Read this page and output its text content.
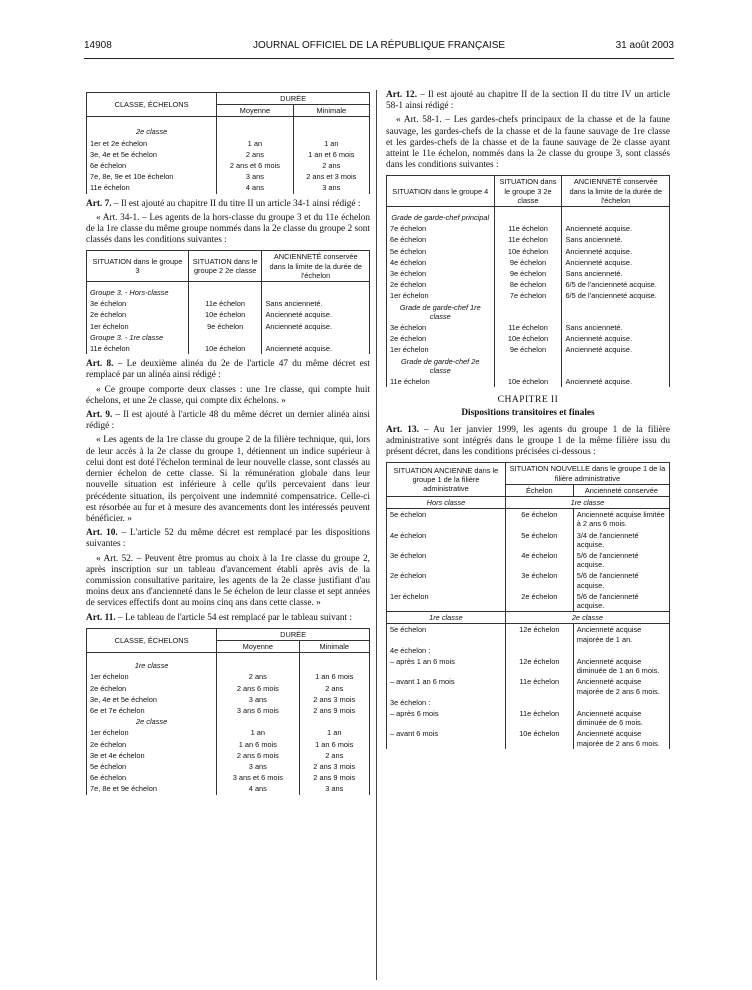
14908	JOURNAL OFFICIEL DE LA RÉPUBLIQUE FRANÇAISE	31 août 2003
CLASSE, ÉCHELONS	DURÉE	
	Moyenne	Minimale
2e classe		
1er et 2e échelon	1 an	1 an
3e, 4e et 5e échelon	2 ans	1 an et 6 mois
6e échelon	2 ans et 6 mois	2 ans
7e, 8e, 9e et 10e échelon	3 ans	2 ans et 3 mois
11e échelon	4 ans	3 ans

Art. 7. – Il est ajouté au chapitre II du titre II un article 34-1 ainsi rédigé :

« Art. 34-1. – Les agents de la hors-classe du groupe 3 et du 11e échelon de la 1re classe du même groupe nommés dans la 2e classe du groupe 2 sont classés dans les conditions suivantes :

SITUATION dans le groupe 3	SITUATION dans le groupe 2 2e classe	ANCIENNETÉ conservée dans la limite de la durée de l'échelon
Groupe 3. - Hors-classe		
3e échelon	11e échelon	Sans ancienneté.
2e échelon	10e échelon	Ancienneté acquise.
1er échelon	9e échelon	Ancienneté acquise.
Groupe 3. - 1re classe		
11e échelon	10e échelon	Ancienneté acquise.

Art. 8. – Le deuxième alinéa du 2e de l'article 47 du même décret est remplacé par un alinéa ainsi rédigé :

« Ce groupe comporte deux classes : une 1re classe, qui compte huit échelons, et une 2e classe, qui compte dix échelons. »

Art. 9. – Il est ajouté à l'article 48 du même décret un dernier alinéa ainsi rédigé :

« Les agents de la 1re classe du groupe 2 de la filière technique, qui, lors de leur accès à la 2e classe du groupe 1, détiennent un indice supérieur à celui dont est doté l'échelon terminal de leur nouvelle classe, sont classés au dernier échelon de cette classe. Si la rémunération globale dans leur nouvelle situation est inférieure à celle qu'ils percevaient dans leur précédente situation, ils perçoivent une indemnité compensatrice. Celle-ci est résorbée au fur et à mesure des avancements dont les intéressés peuvent bénéficier. »

Art. 10. – L'article 52 du même décret est remplacé par les dispositions suivantes :

« Art. 52. – Peuvent être promus au choix à la 1re classe du groupe 2, après inscription sur un tableau d'avancement établi après avis de la commission consultative paritaire, les agents de la 2e classe justifiant d'au moins deux ans d'ancienneté dans le 5e échelon de leur classe et sept années de services effectifs dont au moins cinq ans dans cette classe. »

Art. 11. – Le tableau de l'article 54 est remplacé par le tableau suivant :

CLASSE, ÉCHELONS	DURÉE	
	Moyenne	Minimale
1re classe		
1er échelon	2 ans	1 an 6 mois
2e échelon	2 ans 6 mois	2 ans
3e, 4e et 5e échelon	3 ans	2 ans 3 mois
6e et 7e échelon	3 ans 6 mois	2 ans 9 mois
2e classe		
1er échelon	1 an	1 an
2e échelon	1 an 6 mois	1 an 6 mois
3e et 4e échelon	2 ans 6 mois	2 ans
5e échelon	3 ans	2 ans 3 mois
6e échelon	3 ans et 6 mois	2 ans 9 mois
7e, 8e et 9e échelon	4 ans	3 ans

Art. 12. – Il est ajouté au chapitre II de la section II du titre IV un article 58-1 ainsi rédigé :

« Art. 58-1. – Les gardes-chefs principaux de la chasse et de la faune sauvage, les gardes-chefs de la chasse et de la faune sauvage de 1re classe et les gardes-chefs de la chasse et de la faune sauvage de 2e classe ayant atteint le 11e échelon, nommés dans la 2e classe du groupe 3, sont classés dans les conditions suivantes :

SITUATION dans le groupe 4	SITUATION dans le groupe 3 2e classe	ANCIENNETÉ conservée dans la limite de la durée de l'échelon
Grade de garde-chef principal		
7e échelon	11e échelon	Ancienneté acquise.
6e échelon	11e échelon	Sans ancienneté.
5e échelon	10e échelon	Ancienneté acquise.
4e échelon	9e échelon	Ancienneté acquise.
3e échelon	9e échelon	Sans ancienneté.
2e échelon	8e échelon	6/5 de l'ancienneté acquise.
1er échelon	7e échelon	6/5 de l'ancienneté acquise.
Grade de garde-chef 1re classe		
3e échelon	11e échelon	Sans ancienneté.
2e échelon	10e échelon	Ancienneté acquise.
1er échelon	9e échelon	Ancienneté acquise.
Grade de garde-chef 2e classe		
11e échelon	10e échelon	Ancienneté acquise.
CHAPITRE II
Dispositions transitoires et finales

Art. 13. – Au 1er janvier 1999, les agents du groupe 1 de la filière administrative sont intégrés dans le groupe 1 de la même filière issu du présent décret, dans les conditions précisées ci-dessous :

SITUATION ANCIENNE dans le groupe 1 de la filière administrative	SITUATION NOUVELLE dans le groupe 1 de la filière administrative	
	Échelon	Ancienneté conservée
Hors classe	1re classe	
5e échelon	6e échelon	Ancienneté acquise limitée à 2 ans 6 mois.
4e échelon	5e échelon	3/4 de l'ancienneté acquise.
3e échelon	4e échelon	5/6 de l'ancienneté acquise.
2e échelon	3e échelon	5/6 de l'ancienneté acquise.
1er échelon	2e échelon	5/6 de l'ancienneté acquise.
1re classe	2e classe	
5e échelon	12e échelon	Ancienneté acquise majorée de 1 an.
4e échelon :		
– après 1 an 6 mois	12e échelon	Ancienneté acquise diminuée de 1 an 6 mois.
– avant 1 an 6 mois	11e échelon	Ancienneté acquise majorée de 2 ans 6 mois.
3e échelon :		
– après 6 mois	11e échelon	Ancienneté acquise diminuée de 6 mois.
– avant 6 mois	10e échelon	Ancienneté acquise majorée de 2 ans 6 mois.
